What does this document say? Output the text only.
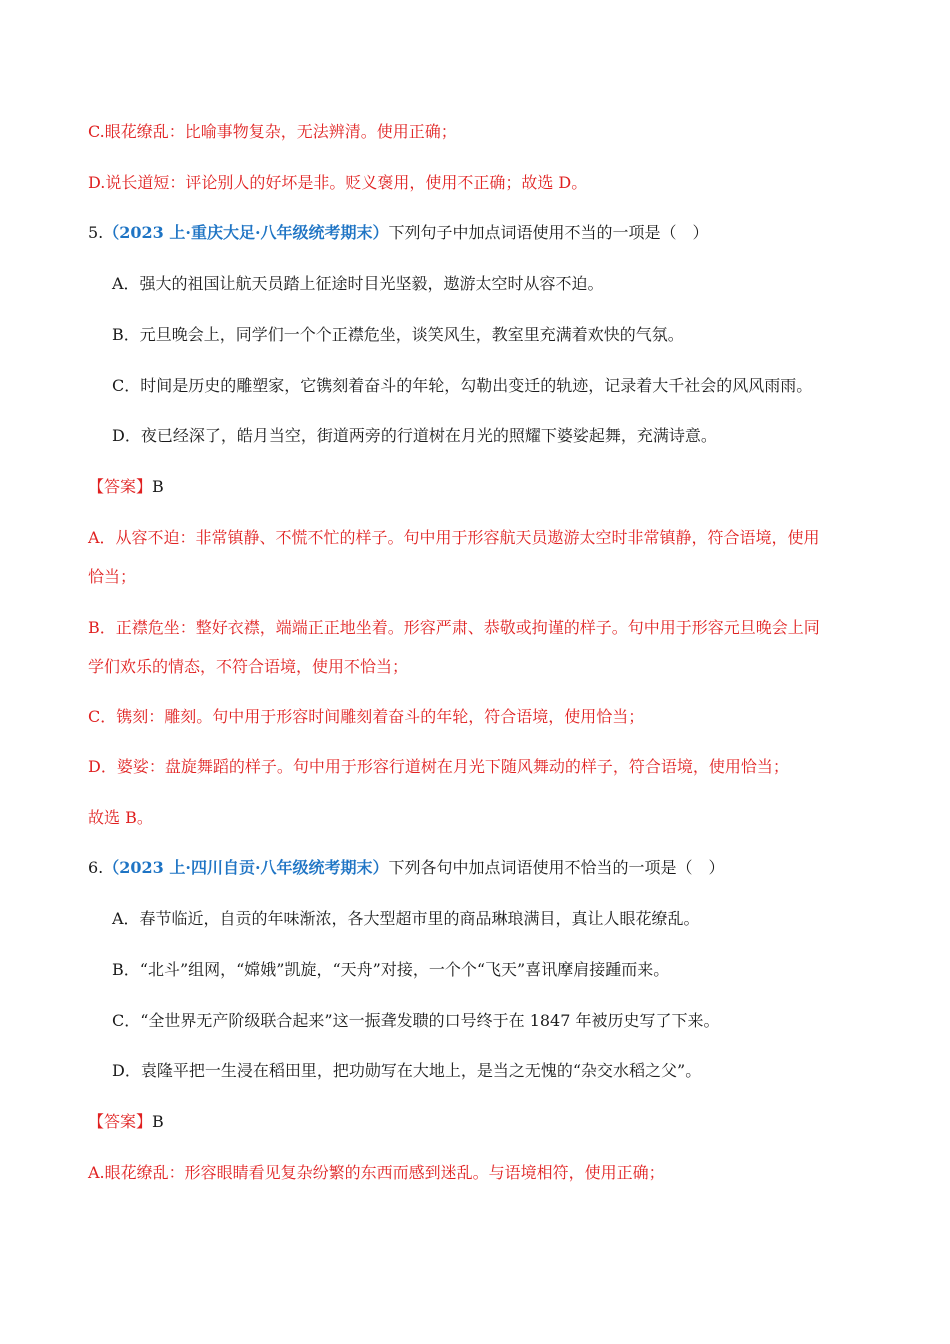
C.眼花缭乱：比喻事物复杂，无法辨清。使用正确；
D.说长道短：评论别人的好坏是非。贬义褒用，使用不正确；故选 D。
5.（2023 上·重庆大足·八年级统考期末）下列句子中加点词语使用不当的一项是（　）
A．强大的祖国让航天员踏上征途时目光坚毅，遨游太空时从容不迫。
B．元旦晚会上，同学们一个个正襟危坐，谈笑风生，教室里充满着欢快的气氛。
C．时间是历史的雕塑家，它镌刻着奋斗的年轮，勾勒出变迁的轨迹，记录着大千社会的风风雨雨。
D．夜已经深了，皓月当空，街道两旁的行道树在月光的照耀下婆娑起舞，充满诗意。
【答案】B
A．从容不迫：非常镇静、不慌不忙的样子。句中用于形容航天员遨游太空时非常镇静，符合语境，使用
恰当；
B．正襟危坐：整好衣襟，端端正正地坐着。形容严肃、恭敬或拘谨的样子。句中用于形容元旦晚会上同
学们欢乐的情态，不符合语境，使用不恰当；
C．镌刻：雕刻。句中用于形容时间雕刻着奋斗的年轮，符合语境，使用恰当；
D．婆娑：盘旋舞蹈的样子。句中用于形容行道树在月光下随风舞动的样子，符合语境，使用恰当；
故选 B。
6.（2023 上·四川自贡·八年级统考期末）下列各句中加点词语使用不恰当的一项是（　）
A．春节临近，自贡的年味渐浓，各大型超市里的商品琳琅满目，真让人眼花缭乱。
B．“北斗”组网，“嫦娥”凯旋，“天舟”对接，一个个“飞天”喜讯摩肩接踵而来。
C．“全世界无产阶级联合起来”这一振聋发聩的口号终于在 1847 年被历史写了下来。
D．袁隆平把一生浸在稻田里，把功勋写在大地上，是当之无愧的“杂交水稻之父”。
【答案】B
A.眼花缭乱：形容眼睛看见复杂纷繁的东西而感到迷乱。与语境相符，使用正确；
